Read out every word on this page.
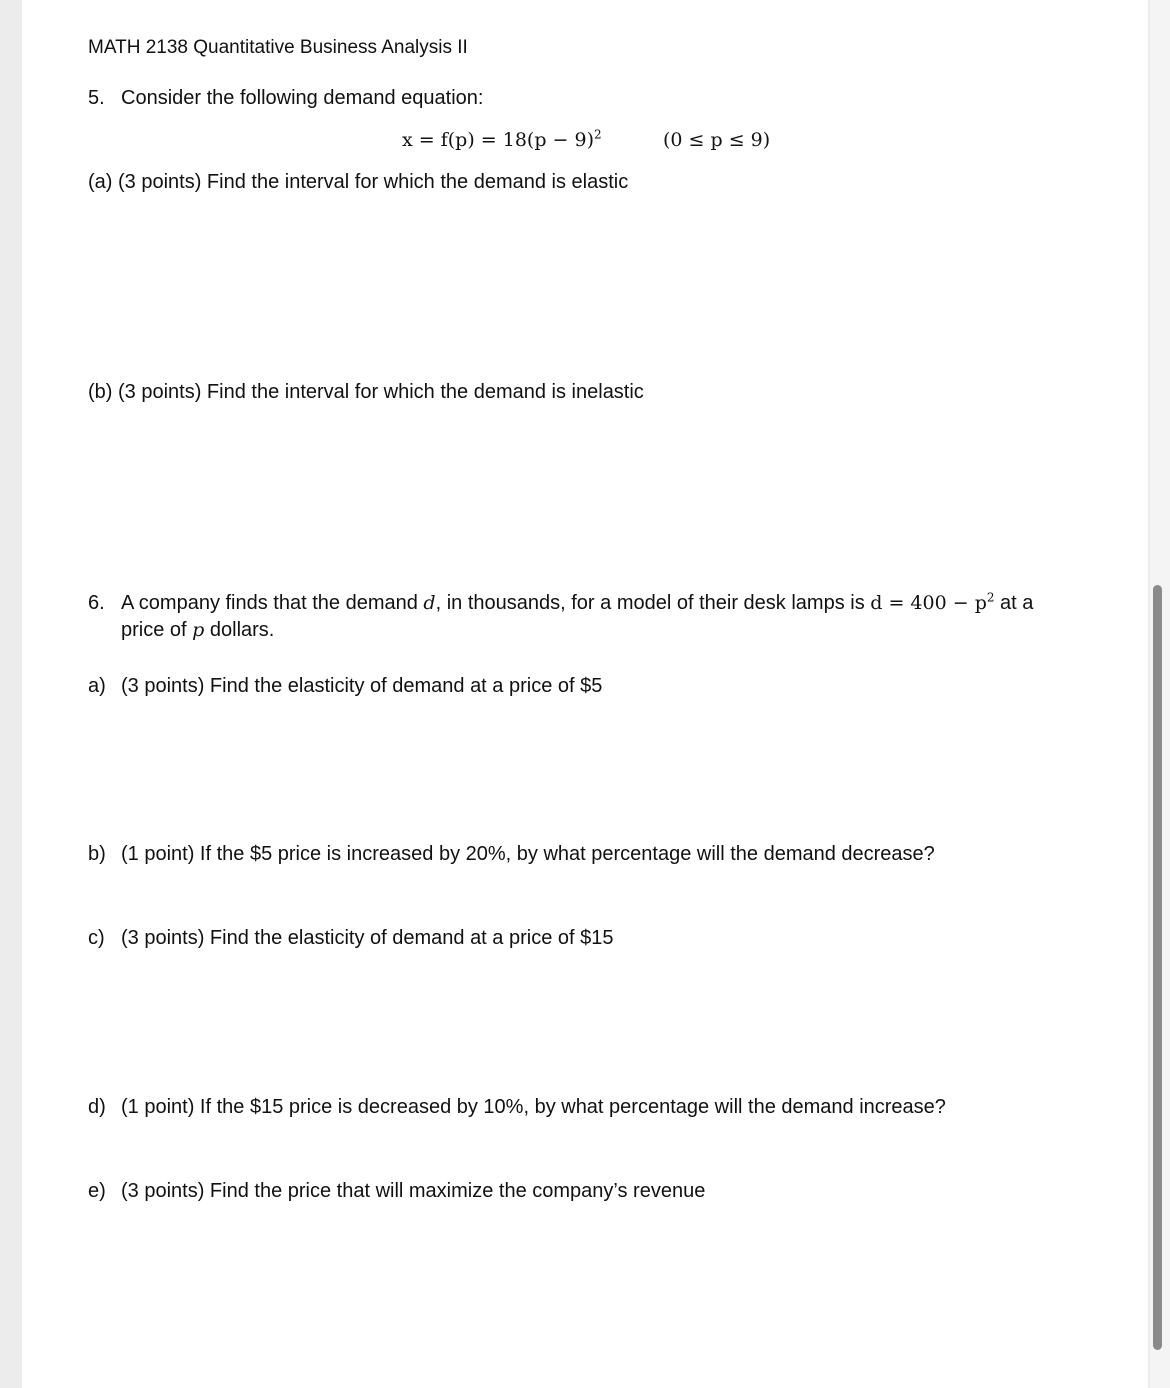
MATH 2138 Quantitative Business Analysis II
5. Consider the following demand equation:
$x = f(p) = 18(p - 9)^2$	(0 ≤ p ≤ 9)
(a) (3 points) Find the interval for which the demand is elastic
(b) (3 points) Find the interval for which the demand is inelastic
6. A company finds that the demand d, in thousands, for a model of their desk lamps is $d = 400 - p^2$ at a
price of p dollars.
a) (3 points) Find the elasticity of demand at a price of $5
b) (1 point) If the $5 price is increased by 20%, by what percentage will the demand decrease?
c) (3 points) Find the elasticity of demand at a price of $15
d) (1 point) If the $15 price is decreased by 10%, by what percentage will the demand increase?
e) (3 points) Find the price that will maximize the company’s revenue
